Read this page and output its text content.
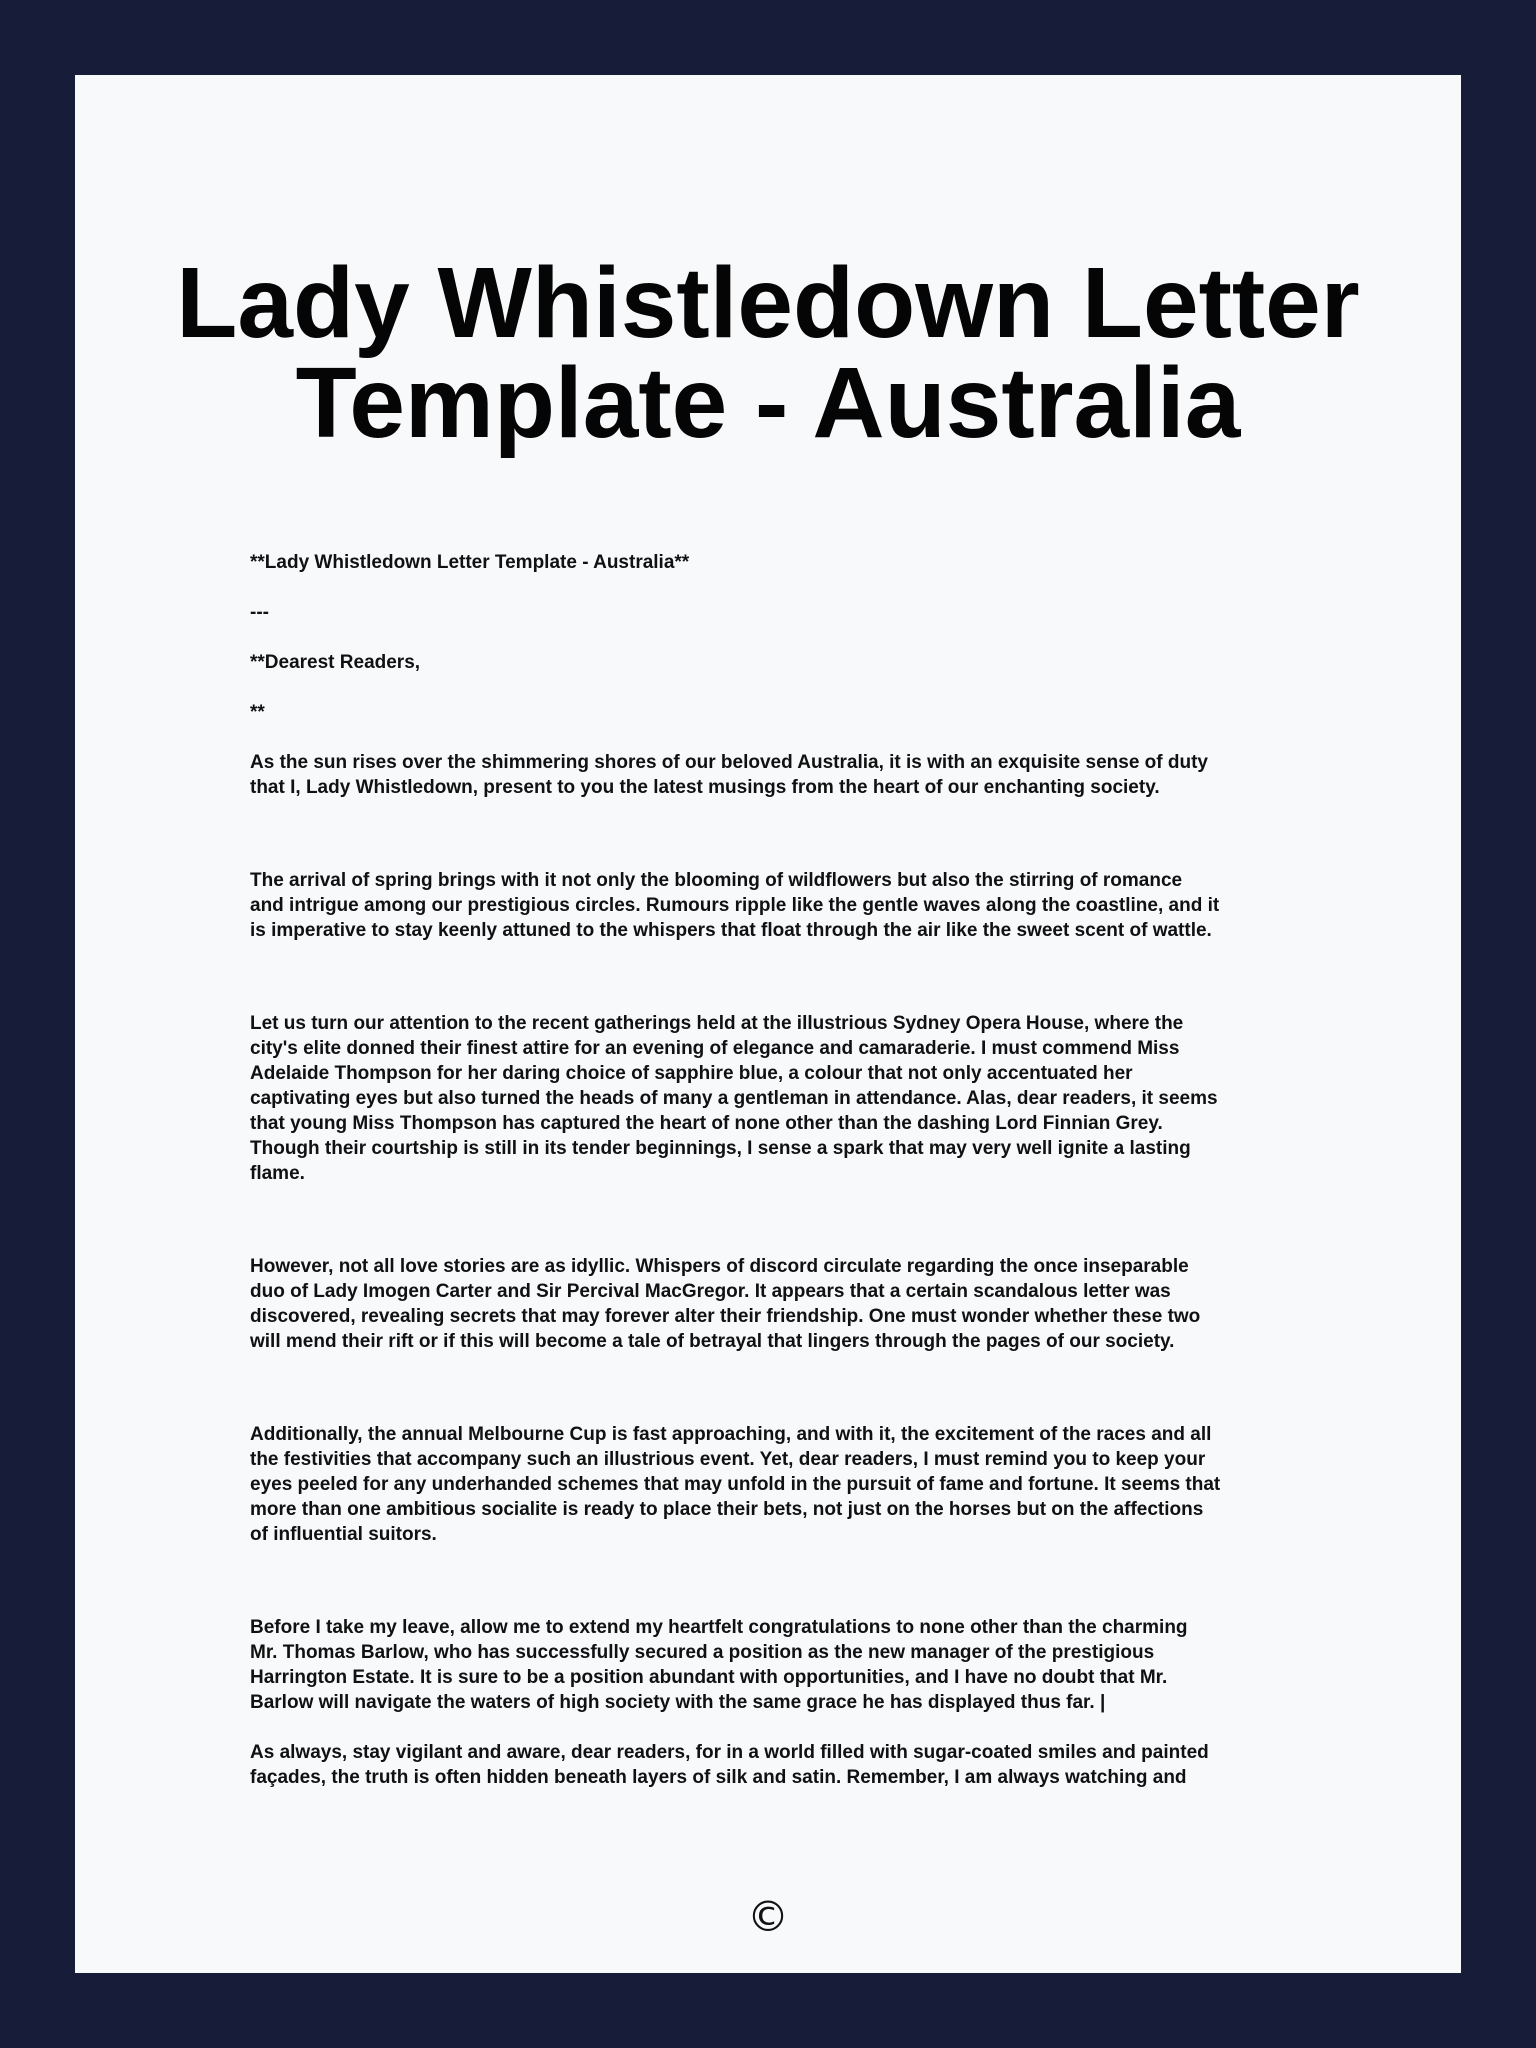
Lady Whistledown Letter Template - Australia

**Lady Whistledown Letter Template - Australia**

---

**Dearest Readers,

**

As the sun rises over the shimmering shores of our beloved Australia, it is with an exquisite sense of duty
that I, Lady Whistledown, present to you the latest musings from the heart of our enchanting society.

The arrival of spring brings with it not only the blooming of wildflowers but also the stirring of romance
and intrigue among our prestigious circles. Rumours ripple like the gentle waves along the coastline, and it
is imperative to stay keenly attuned to the whispers that float through the air like the sweet scent of wattle.

Let us turn our attention to the recent gatherings held at the illustrious Sydney Opera House, where the
city's elite donned their finest attire for an evening of elegance and camaraderie. I must commend Miss
Adelaide Thompson for her daring choice of sapphire blue, a colour that not only accentuated her
captivating eyes but also turned the heads of many a gentleman in attendance. Alas, dear readers, it seems
that young Miss Thompson has captured the heart of none other than the dashing Lord Finnian Grey.
Though their courtship is still in its tender beginnings, I sense a spark that may very well ignite a lasting
flame.

However, not all love stories are as idyllic. Whispers of discord circulate regarding the once inseparable
duo of Lady Imogen Carter and Sir Percival MacGregor. It appears that a certain scandalous letter was
discovered, revealing secrets that may forever alter their friendship. One must wonder whether these two
will mend their rift or if this will become a tale of betrayal that lingers through the pages of our society.

Additionally, the annual Melbourne Cup is fast approaching, and with it, the excitement of the races and all
the festivities that accompany such an illustrious event. Yet, dear readers, I must remind you to keep your
eyes peeled for any underhanded schemes that may unfold in the pursuit of fame and fortune. It seems that
more than one ambitious socialite is ready to place their bets, not just on the horses but on the affections
of influential suitors.

Before I take my leave, allow me to extend my heartfelt congratulations to none other than the charming
Mr. Thomas Barlow, who has successfully secured a position as the new manager of the prestigious
Harrington Estate. It is sure to be a position abundant with opportunities, and I have no doubt that Mr.
Barlow will navigate the waters of high society with the same grace he has displayed thus far. |

As always, stay vigilant and aware, dear readers, for in a world filled with sugar-coated smiles and painted
façades, the truth is often hidden beneath layers of silk and satin. Remember, I am always watching and

©
